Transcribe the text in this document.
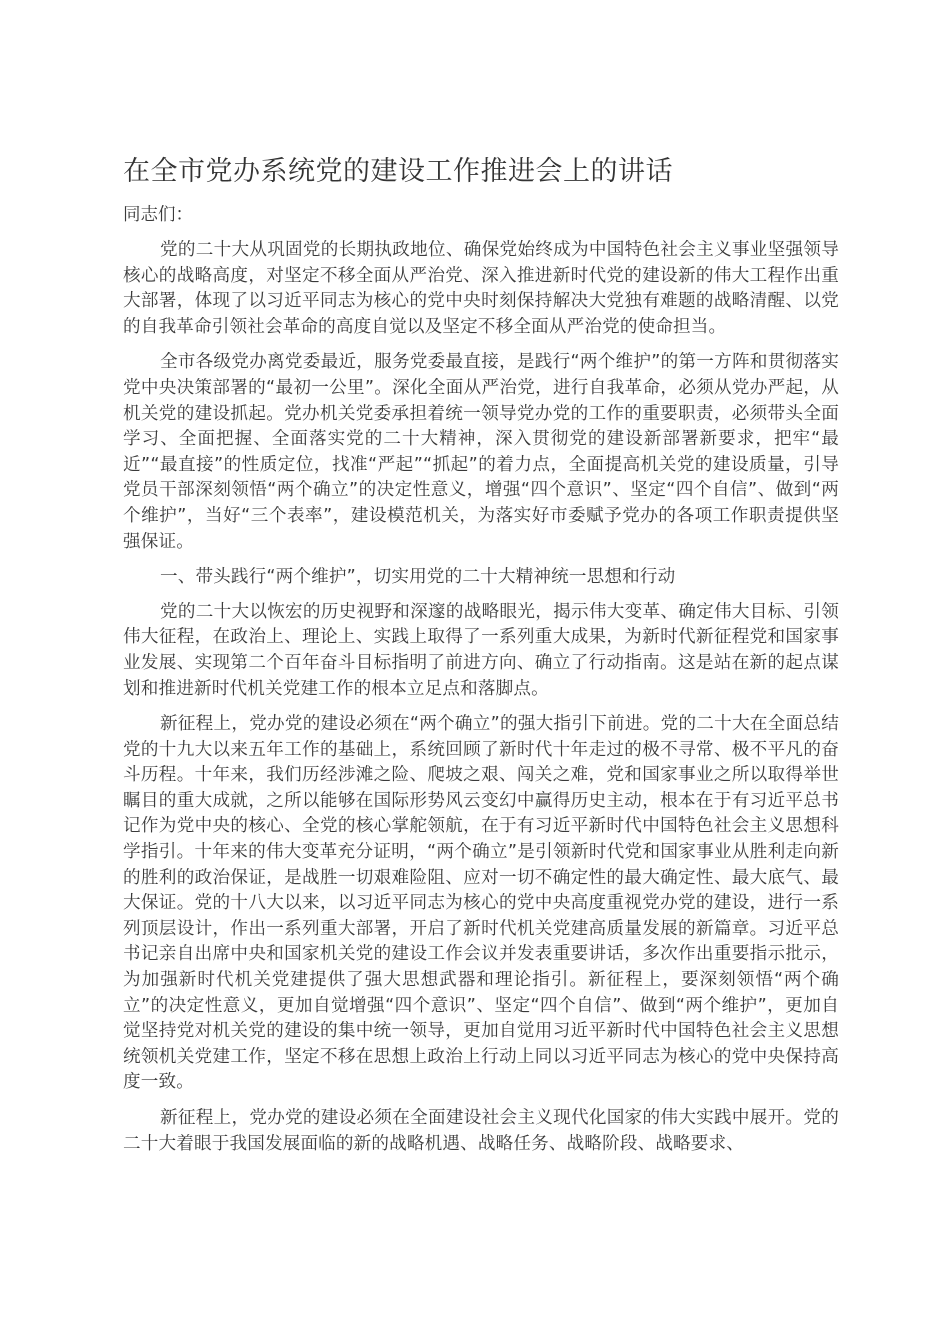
在全市党办系统党的建设工作推进会上的讲话
同志们：

党的二十大从巩固党的长期执政地位、确保党始终成为中国特色社会主义事业坚强领导核心的战略高度，对坚定不移全面从严治党、深入推进新时代党的建设新的伟大工程作出重大部署，体现了以习近平同志为核心的党中央时刻保持解决大党独有难题的战略清醒、以党的自我革命引领社会革命的高度自觉以及坚定不移全面从严治党的使命担当。

全市各级党办离党委最近，服务党委最直接，是践行“两个维护”的第一方阵和贯彻落实党中央决策部署的“最初一公里”。深化全面从严治党，进行自我革命，必须从党办严起，从机关党的建设抓起。党办机关党委承担着统一领导党办党的工作的重要职责，必须带头全面学习、全面把握、全面落实党的二十大精神，深入贯彻党的建设新部署新要求，把牢“最近”“最直接”的性质定位，找准“严起”“抓起”的着力点，全面提高机关党的建设质量，引导党员干部深刻领悟“两个确立”的决定性意义，增强“四个意识”、坚定“四个自信”、做到“两个维护”，当好“三个表率”，建设模范机关，为落实好市委赋予党办的各项工作职责提供坚强保证。

一、带头践行“两个维护”，切实用党的二十大精神统一思想和行动

党的二十大以恢宏的历史视野和深邃的战略眼光，揭示伟大变革、确定伟大目标、引领伟大征程，在政治上、理论上、实践上取得了一系列重大成果，为新时代新征程党和国家事业发展、实现第二个百年奋斗目标指明了前进方向、确立了行动指南。这是站在新的起点谋划和推进新时代机关党建工作的根本立足点和落脚点。

新征程上，党办党的建设必须在“两个确立”的强大指引下前进。党的二十大在全面总结党的十九大以来五年工作的基础上，系统回顾了新时代十年走过的极不寻常、极不平凡的奋斗历程。十年来，我们历经涉滩之险、爬坡之艰、闯关之难，党和国家事业之所以取得举世瞩目的重大成就，之所以能够在国际形势风云变幻中赢得历史主动，根本在于有习近平总书记作为党中央的核心、全党的核心掌舵领航，在于有习近平新时代中国特色社会主义思想科学指引。十年来的伟大变革充分证明，“两个确立”是引领新时代党和国家事业从胜利走向新的胜利的政治保证，是战胜一切艰难险阻、应对一切不确定性的最大确定性、最大底气、最大保证。党的十八大以来，以习近平同志为核心的党中央高度重视党办党的建设，进行一系列顶层设计，作出一系列重大部署，开启了新时代机关党建高质量发展的新篇章。习近平总书记亲自出席中央和国家机关党的建设工作会议并发表重要讲话，多次作出重要指示批示，为加强新时代机关党建提供了强大思想武器和理论指引。新征程上，要深刻领悟“两个确立”的决定性意义，更加自觉增强“四个意识”、坚定“四个自信”、做到“两个维护”，更加自觉坚持党对机关党的建设的集中统一领导，更加自觉用习近平新时代中国特色社会主义思想统领机关党建工作，坚定不移在思想上政治上行动上同以习近平同志为核心的党中央保持高度一致。

新征程上，党办党的建设必须在全面建设社会主义现代化国家的伟大实践中展开。党的二十大着眼于我国发展面临的新的战略机遇、战略任务、战略阶段、战略要求、
